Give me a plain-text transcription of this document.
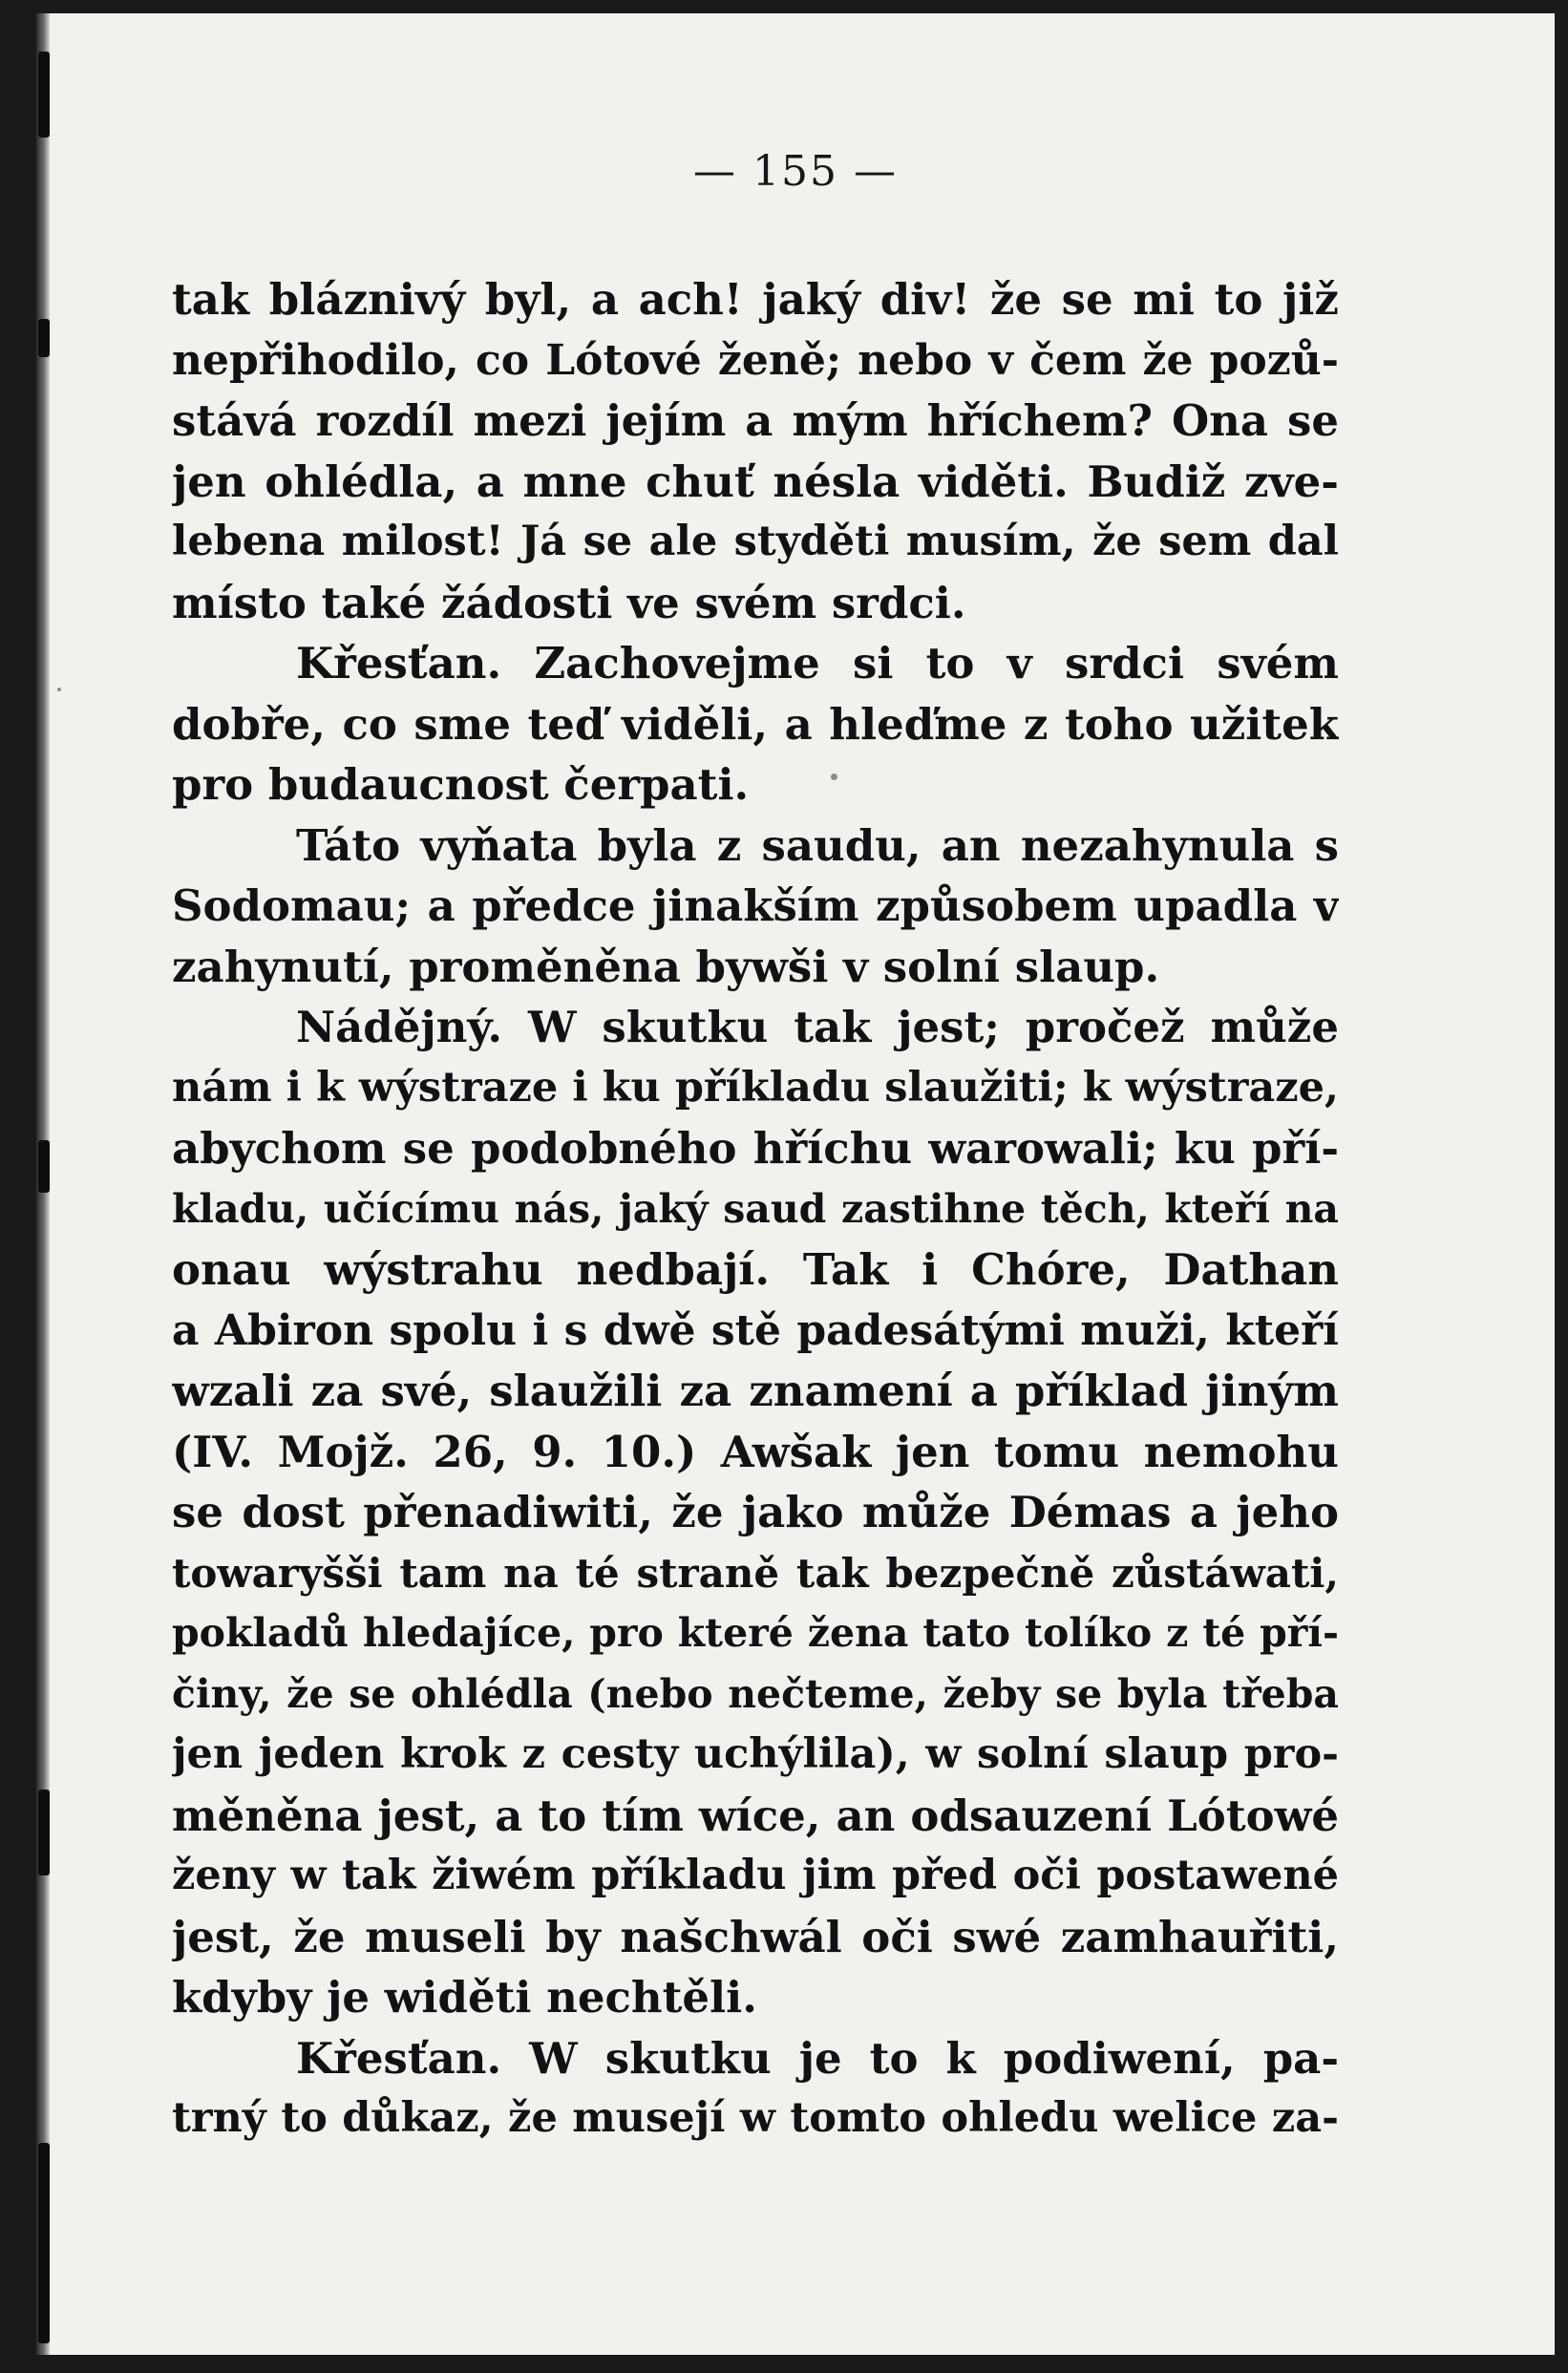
— 155 —
tak bláznivý byl, a ach! jaký div! že se mi to již
nepřihodilo, co Lótové ženě; nebo v čem že pozů-
stává rozdíl mezi jejím a mým hříchem? Ona se
jen ohlédla, a mne chuť nésla viděti. Budiž zve-
lebena milost! Já se ale styděti musím, že sem dal
místo také žádosti ve svém srdci.
Křesťan. Zachovejme si to v srdci svém
dobře, co sme teď viděli, a hleďme z toho užitek
pro budaucnost čerpati.
Táto vyňata byla z saudu, an nezahynula s
Sodomau; a předce jinakším způsobem upadla v
zahynutí, proměněna bywši v solní slaup.
Nádějný. W skutku tak jest; pročež může
nám i k wýstraze i ku příkladu slaužiti; k wýstraze,
abychom se podobného hříchu warowali; ku pří-
kladu, učícímu nás, jaký saud zastihne těch, kteří na
onau wýstrahu nedbají. Tak i Chóre, Dathan
a Abiron spolu i s dwě stě padesátými muži, kteří
wzali za své, slaužili za znamení a příklad jiným
(IV. Mojž. 26, 9. 10.) Awšak jen tomu nemohu
se dost přenadiwiti, že jako může Démas a jeho
towaryšši tam na té straně tak bezpečně zůstáwati,
pokladů hledajíce, pro které žena tato tolíko z té pří-
činy, že se ohlédla (nebo nečteme, žeby se byla třeba
jen jeden krok z cesty uchýlila), w solní slaup pro-
měněna jest, a to tím wíce, an odsauzení Lótowé
ženy w tak žiwém příkladu jim před oči postawené
jest, že museli by našchwál oči swé zamhauřiti,
kdyby je widěti nechtěli.
Křesťan. W skutku je to k podiwení, pa-
trný to důkaz, že musejí w tomto ohledu welice za-
